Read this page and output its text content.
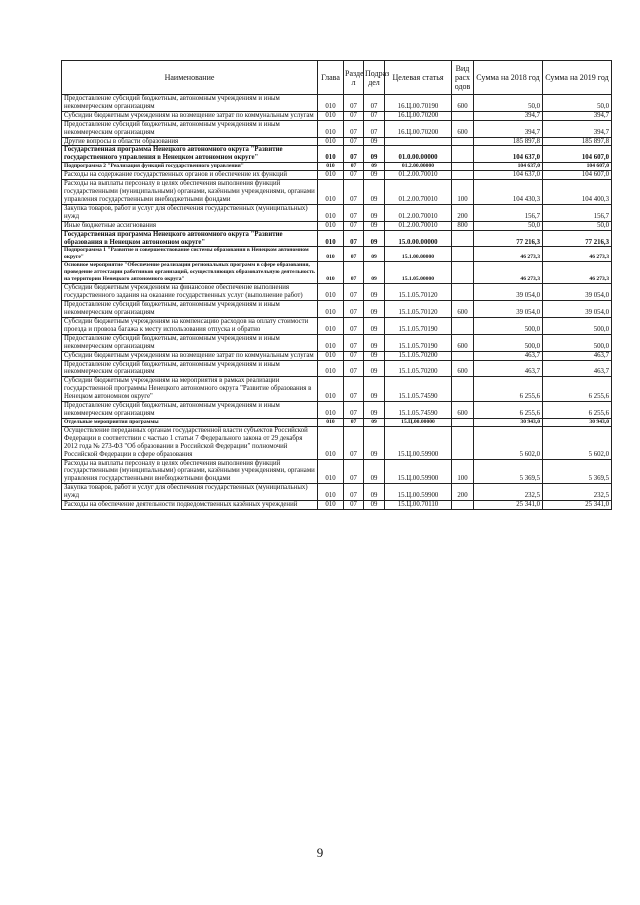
Наименование	Глава	Разде л	Подраз дел	Целевая статья	Вид расх одов	Сумма на 2018 год	Сумма на 2019 год
Предоставление субсидий бюджетным, автономным учреждениям и иным некоммерческим организациям	010	07	07	16.Ц.00.70190	600	50,0	50,0
Субсидии бюджетным учреждениям на возмещение затрат по коммунальным услугам	010	07	07	16.Ц.00.70200		394,7	394,7
Предоставление субсидий бюджетным, автономным учреждениям и иным некоммерческим организациям	010	07	07	16.Ц.00.70200	600	394,7	394,7
Другие вопросы в области образования	010	07	09			185 897,8	185 897,8
Государственная программа Ненецкого автономного округа "Развитие государственного управления в Ненецком автономном округе"	010	07	09	01.0.00.00000		104 637,0	104 607,0
Подпрограмма 2 "Реализация функций государственного управления"	010	07	09	01.2.00.00000		104 637,0	104 607,0
Расходы на содержание государственных органов и обеспечение их функций	010	07	09	01.2.00.70010		104 637,0	104 607,0
Расходы на выплаты персоналу в целях обеспечения выполнения функций государственными (муниципальными) органами, казёнными учреждениями, органами управления государственными внебюджетными фондами	010	07	09	01.2.00.70010	100	104 430,3	104 400,3
Закупка товаров, работ и услуг для обеспечения государственных (муниципальных) нужд	010	07	09	01.2.00.70010	200	156,7	156,7
Иные бюджетные ассигнования	010	07	09	01.2.00.70010	800	50,0	50,0
Государственная программа Ненецкого автономного округа "Развитие образования в Ненецком автономном округе"	010	07	09	15.0.00.00000		77 216,3	77 216,3
Подпрограмма 1 "Развитие и совершенствование системы образования в Ненецком автономном округе"	010	07	09	15.1.00.00000		46 273,3	46 273,3
Основное мероприятие "Обеспечение реализации региональных программ в сфере образования, проведение аттестации работников организаций, осуществляющих образовательную деятельность на территории Ненецкого автономного округа"	010	07	09	15.1.05.00000		46 273,3	46 273,3
Субсидии бюджетным учреждениям на финансовое обеспечение выполнения государственного задания на оказание государственных услуг (выполнение работ)	010	07	09	15.1.05.70120		39 054,0	39 054,0
Предоставление субсидий бюджетным, автономным учреждениям и иным некоммерческим организациям	010	07	09	15.1.05.70120	600	39 054,0	39 054,0
Субсидии бюджетным учреждениям на компенсацию расходов на оплату стоимости проезда и провоза багажа к месту использования отпуска и обратно	010	07	09	15.1.05.70190		500,0	500,0
Предоставление субсидий бюджетным, автономным учреждениям и иным некоммерческим организациям	010	07	09	15.1.05.70190	600	500,0	500,0
Субсидии бюджетным учреждениям на возмещение затрат по коммунальным услугам	010	07	09	15.1.05.70200		463,7	463,7
Предоставление субсидий бюджетным, автономным учреждениям и иным некоммерческим организациям	010	07	09	15.1.05.70200	600	463,7	463,7
Субсидии бюджетным учреждениям на мероприятия в рамках реализации государственной программы Ненецкого автономного округа "Развитие образования в Ненецком автономном округе"	010	07	09	15.1.05.74590		6 255,6	6 255,6
Предоставление субсидий бюджетным, автономным учреждениям и иным некоммерческим организациям	010	07	09	15.1.05.74590	600	6 255,6	6 255,6
Отдельные мероприятия программы	010	07	09	15.Ц.00.00000		30 943,0	30 943,0
Осуществление переданных органам государственной власти субъектов Российской Федерации в соответствии с частью 1 статьи 7 Федерального закона от 29 декабря 2012 года № 273-ФЗ "Об образовании в Российской Федерации" полномочий Российской Федерации в сфере образования	010	07	09	15.Ц.00.59900		5 602,0	5 602,0
Расходы на выплаты персоналу в целях обеспечения выполнения функций государственными (муниципальными) органами, казёнными учреждениями, органами управления государственными внебюджетными фондами	010	07	09	15.Ц.00.59900	100	5 369,5	5 369,5
Закупка товаров, работ и услуг для обеспечения государственных (муниципальных) нужд	010	07	09	15.Ц.00.59900	200	232,5	232,5
Расходы на обеспечение деятельности подведомственных казённых учреждений	010	07	09	15.Ц.00.70110		25 341,0	25 341,0
9
